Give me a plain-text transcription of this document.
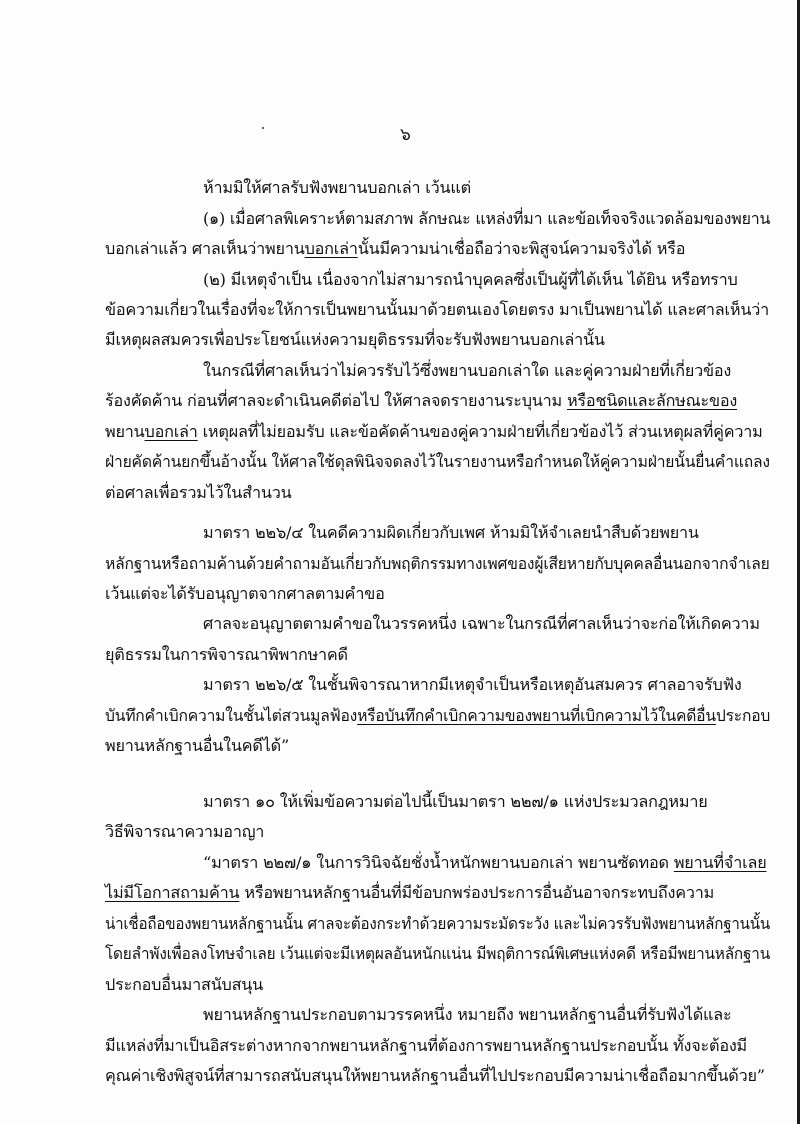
๖
ห้ามมิให้ศาลรับฟังพยานบอกเล่า เว้นแต่
(๑) เมื่อศาลพิเคราะห์ตามสภาพ ลักษณะ แหล่งที่มา และข้อเท็จจริงแวดล้อมของพยาน
บอกเล่าแล้ว ศาลเห็นว่าพยานบอกเล่านั้นมีความน่าเชื่อถือว่าจะพิสูจน์ความจริงได้ หรือ
(๒) มีเหตุจำเป็น เนื่องจากไม่สามารถนำบุคคลซึ่งเป็นผู้ที่ได้เห็น ได้ยิน หรือทราบ
ข้อความเกี่ยวในเรื่องที่จะให้การเป็นพยานนั้นมาด้วยตนเองโดยตรง มาเป็นพยานได้ และศาลเห็นว่า
มีเหตุผลสมควรเพื่อประโยชน์แห่งความยุติธรรมที่จะรับฟังพยานบอกเล่านั้น
ในกรณีที่ศาลเห็นว่าไม่ควรรับไว้ซึ่งพยานบอกเล่าใด และคู่ความฝ่ายที่เกี่ยวข้อง
ร้องคัดค้าน ก่อนที่ศาลจะดำเนินคดีต่อไป ให้ศาลจดรายงานระบุนาม หรือชนิดและลักษณะของ
พยานบอกเล่า เหตุผลที่ไม่ยอมรับ และข้อคัดค้านของคู่ความฝ่ายที่เกี่ยวข้องไว้ ส่วนเหตุผลที่คู่ความ
ฝ่ายคัดค้านยกขึ้นอ้างนั้น ให้ศาลใช้ดุลพินิจจดลงไว้ในรายงานหรือกำหนดให้คู่ความฝ่ายนั้นยื่นคำแถลง
ต่อศาลเพื่อรวมไว้ในสำนวน
มาตรา ๒๒๖/๔ ในคดีความผิดเกี่ยวกับเพศ ห้ามมิให้จำเลยนำสืบด้วยพยาน
หลักฐานหรือถามค้านด้วยคำถามอันเกี่ยวกับพฤติกรรมทางเพศของผู้เสียหายกับบุคคลอื่นนอกจากจำเลย
เว้นแต่จะได้รับอนุญาตจากศาลตามคำขอ
ศาลจะอนุญาตตามคำขอในวรรคหนึ่ง เฉพาะในกรณีที่ศาลเห็นว่าจะก่อให้เกิดความ
ยุติธรรมในการพิจารณาพิพากษาคดี
มาตรา ๒๒๖/๕ ในชั้นพิจารณาหากมีเหตุจำเป็นหรือเหตุอันสมควร ศาลอาจรับฟัง
บันทึกคำเบิกความในชั้นไต่สวนมูลฟ้องหรือบันทึกคำเบิกความของพยานที่เบิกความไว้ในคดีอื่นประกอบ
พยานหลักฐานอื่นในคดีได้”
มาตรา ๑๐ ให้เพิ่มข้อความต่อไปนี้เป็นมาตรา ๒๒๗/๑ แห่งประมวลกฎหมาย
วิธีพิจารณาความอาญา
“มาตรา ๒๒๗/๑ ในการวินิจฉัยชั่งน้ำหนักพยานบอกเล่า พยานซัดทอด พยานที่จำเลย
ไม่มีโอกาสถามค้าน หรือพยานหลักฐานอื่นที่มีข้อบกพร่องประการอื่นอันอาจกระทบถึงความ
น่าเชื่อถือของพยานหลักฐานนั้น ศาลจะต้องกระทำด้วยความระมัดระวัง และไม่ควรรับฟังพยานหลักฐานนั้น
โดยลำพังเพื่อลงโทษจำเลย เว้นแต่จะมีเหตุผลอันหนักแน่น มีพฤติการณ์พิเศษแห่งคดี หรือมีพยานหลักฐาน
ประกอบอื่นมาสนับสนุน
พยานหลักฐานประกอบตามวรรคหนึ่ง หมายถึง พยานหลักฐานอื่นที่รับฟังได้และ
มีแหล่งที่มาเป็นอิสระต่างหากจากพยานหลักฐานที่ต้องการพยานหลักฐานประกอบนั้น ทั้งจะต้องมี
คุณค่าเชิงพิสูจน์ที่สามารถสนับสนุนให้พยานหลักฐานอื่นที่ไปประกอบมีความน่าเชื่อถือมากขึ้นด้วย”
